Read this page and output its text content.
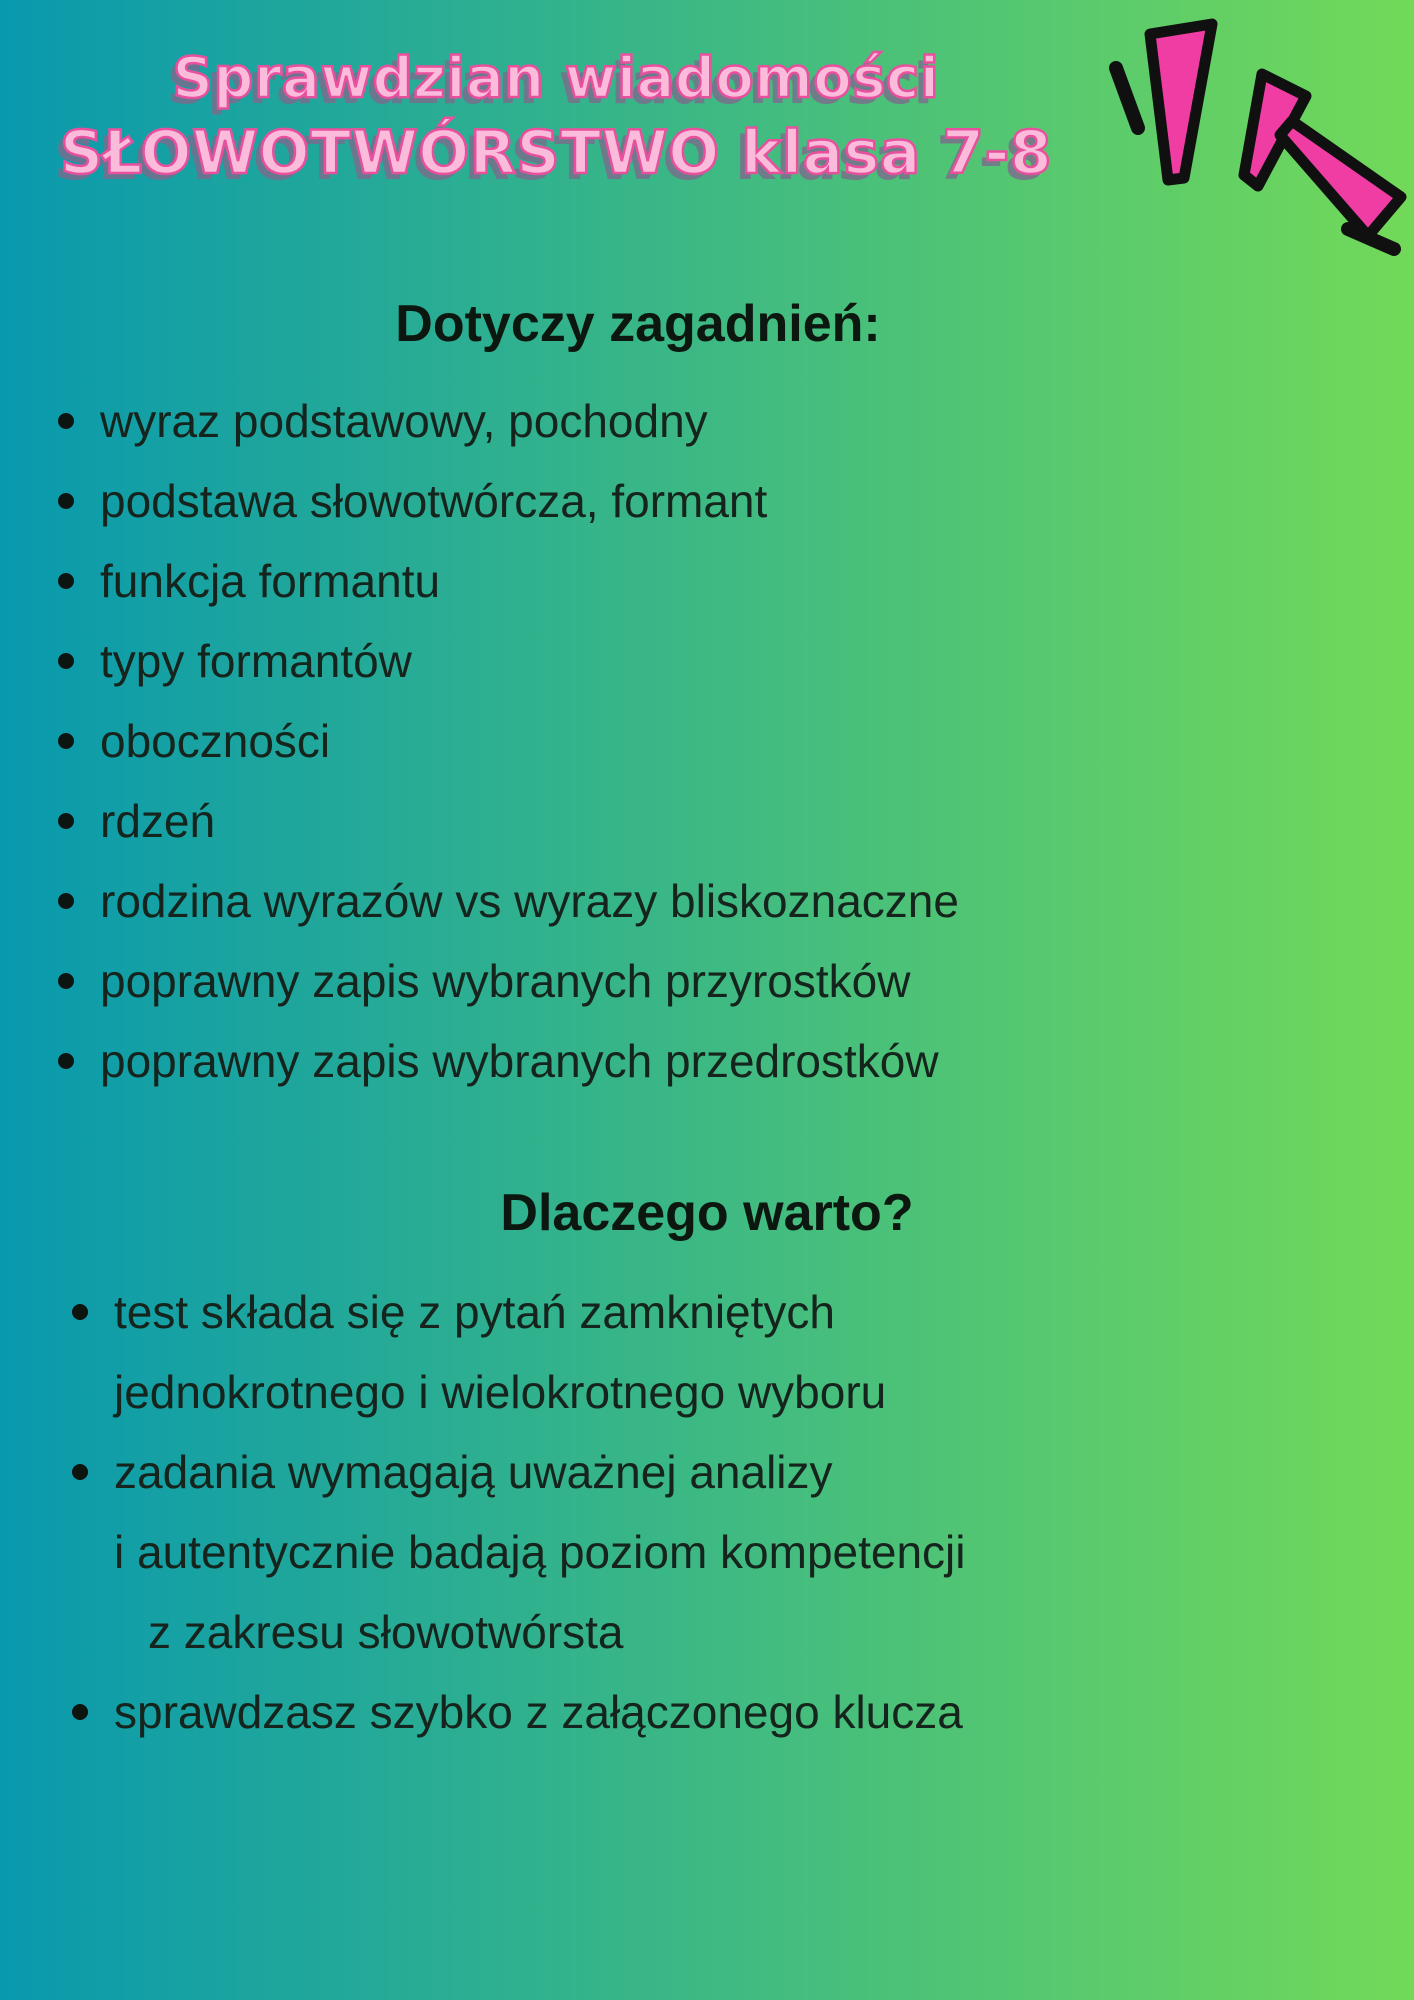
Sprawdzian wiadomości
SŁOWOTWÓRSTWO klasa 7-8
Dotyczy zagadnień:
wyraz podstawowy, pochodny
podstawa słowotwórcza, formant
funkcja formantu
typy formantów
oboczności
rdzeń
rodzina wyrazów vs wyrazy bliskoznaczne
poprawny zapis wybranych przyrostków
poprawny zapis wybranych przedrostków
Dlaczego warto?
test składa się z pytań zamkniętych
jednokrotnego i wielokrotnego wyboru
zadania wymagają uważnej analizy
i autentycznie badają poziom kompetencji
z zakresu słowotwórsta
sprawdzasz szybko z załączonego klucza
